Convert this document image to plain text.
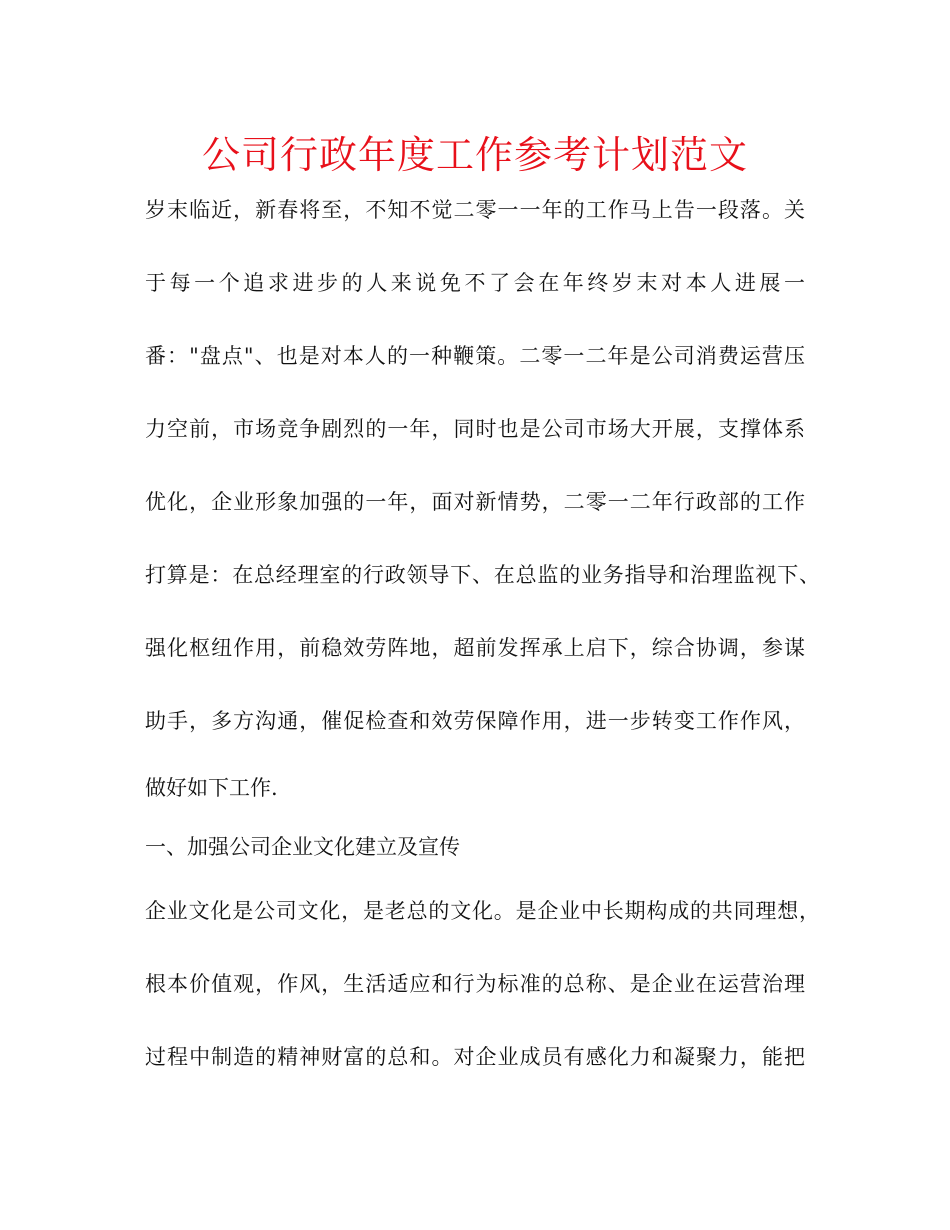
公司行政年度工作参考计划范文
岁末临近，新春将至，不知不觉二零一一年的工作马上告一段落。关
于每一个追求进步的人来说免不了会在年终岁末对本人进展一
番："盘点"、也是对本人的一种鞭策。二零一二年是公司消费运营压
力空前，市场竞争剧烈的一年，同时也是公司市场大开展，支撑体系
优化，企业形象加强的一年，面对新情势，二零一二年行政部的工作
打算是：在总经理室的行政领导下、在总监的业务指导和治理监视下、
强化枢纽作用，前稳效劳阵地，超前发挥承上启下，综合协调，参谋
助手，多方沟通，催促检查和效劳保障作用，进一步转变工作作风，
做好如下工作.
一、加强公司企业文化建立及宣传
企业文化是公司文化，是老总的文化。是企业中长期构成的共同理想，
根本价值观，作风，生活适应和行为标准的总称、是企业在运营治理
过程中制造的精神财富的总和。对企业成员有感化力和凝聚力，能把
